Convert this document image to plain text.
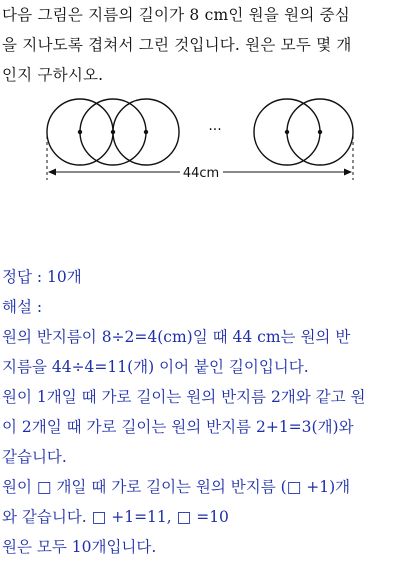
다음 그림은 지름의 길이가 8 cm인 원을 원의 중심
을 지나도록 겹쳐서 그린 것입니다. 원은 모두 몇 개
인지 구하시오.
···
44cm
정답 : 10개
해설 :
원의 반지름이 8÷2=4(cm)일 때 44 cm는 원의 반
지름을 44÷4=11(개) 이어 붙인 길이입니다.
원이 1개일 때 가로 길이는 원의 반지름 2개와 같고 원
이 2개일 때 가로 길이는 원의 반지름 2+1=3(개)와
같습니다.
원이 □ 개일 때 가로 길이는 원의 반지름 (□ +1)개
와 같습니다. □ +1=11, □ =10
원은 모두 10개입니다.
